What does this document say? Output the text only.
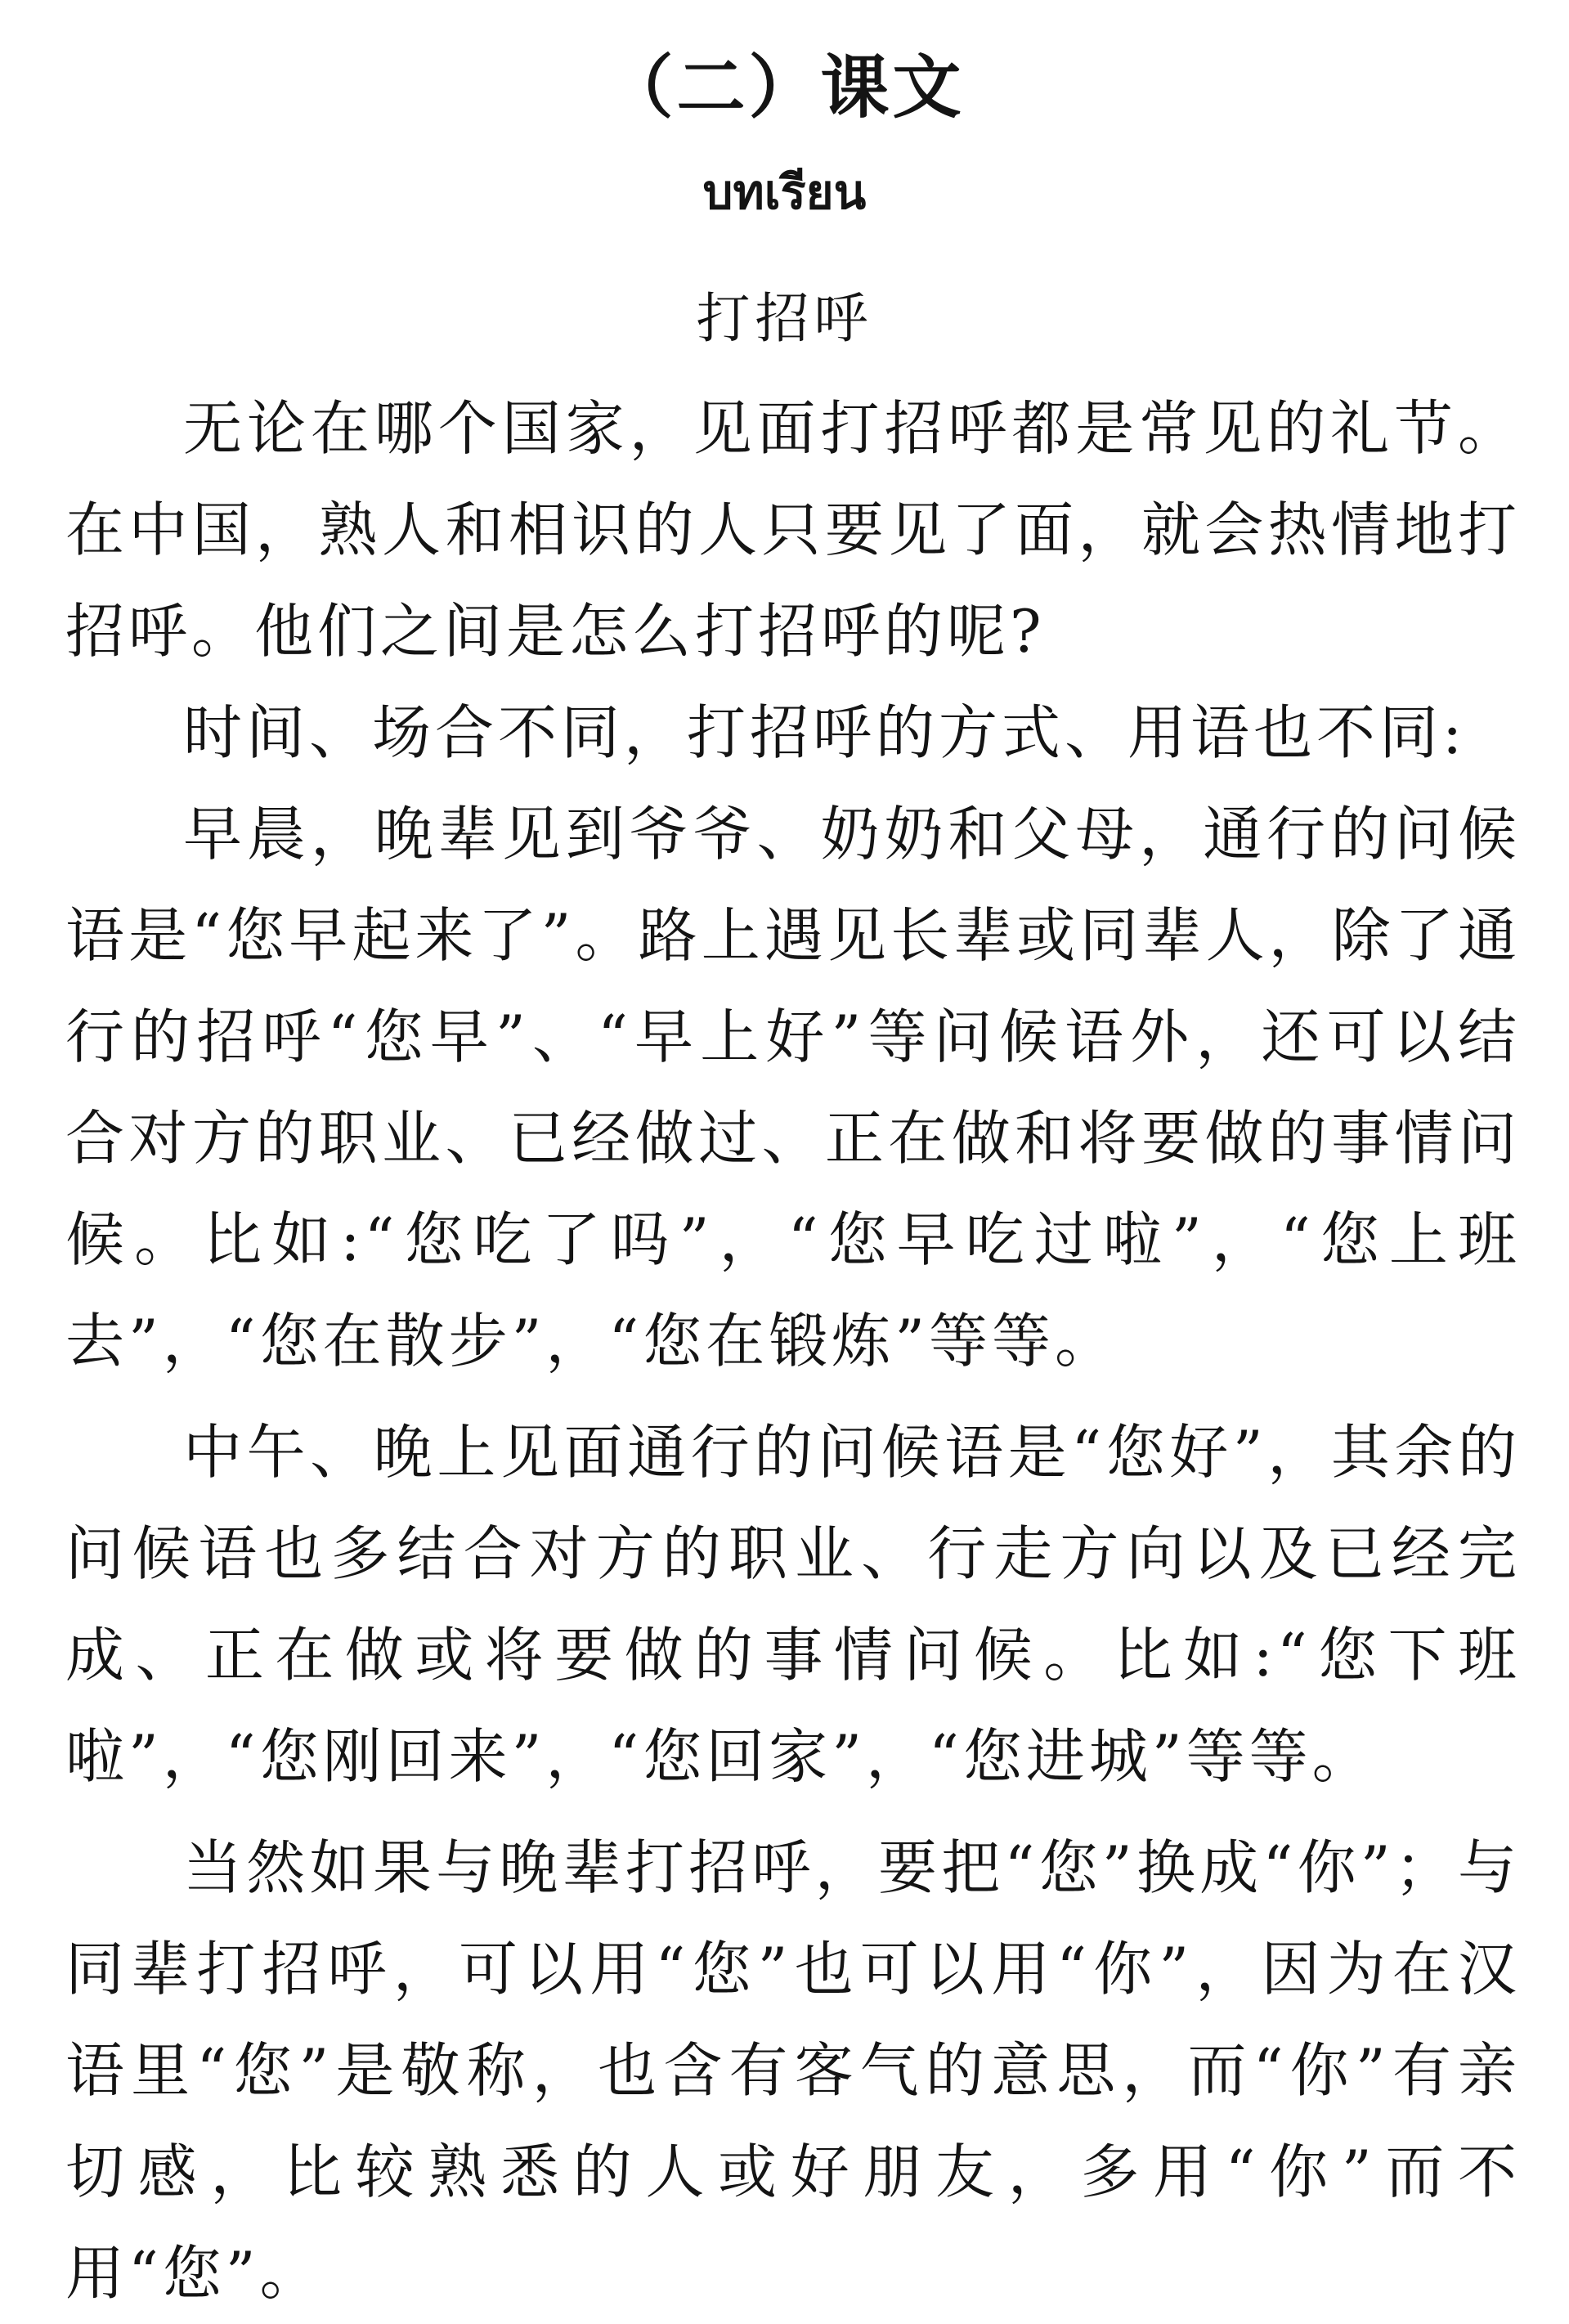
（二）课文
บทเรียน
打招呼

无论在哪个国家，见面打招呼都是常见的礼节。在中国，熟人和相识的人只要见了面，就会热情地打招呼。他们之间是怎么打招呼的呢?

时间、场合不同，打招呼的方式、用语也不同:

早晨，晚辈见到爷爷、奶奶和父母，通行的问候语是“您早起来了”。路上遇见长辈或同辈人，除了通行的招呼“您早”、“早上好”等问候语外，还可以结合对方的职业、已经做过、正在做和将要做的事情问候。比如:“您吃了吗”，“您早吃过啦”，“您上班去”，“您在散步”，“您在锻炼”等等。

中午、晚上见面通行的问候语是“您好”，其余的问候语也多结合对方的职业、行走方向以及已经完成、正在做或将要做的事情问候。比如:“您下班啦”，“您刚回来”，“您回家”，“您进城”等等。

当然如果与晚辈打招呼，要把“您”换成“你”；与同辈打招呼，可以用“您”也可以用“你”，因为在汉语里“您”是敬称，也含有客气的意思，而“你”有亲切感，比较熟悉的人或好朋友，多用“你”而不用“您”。
